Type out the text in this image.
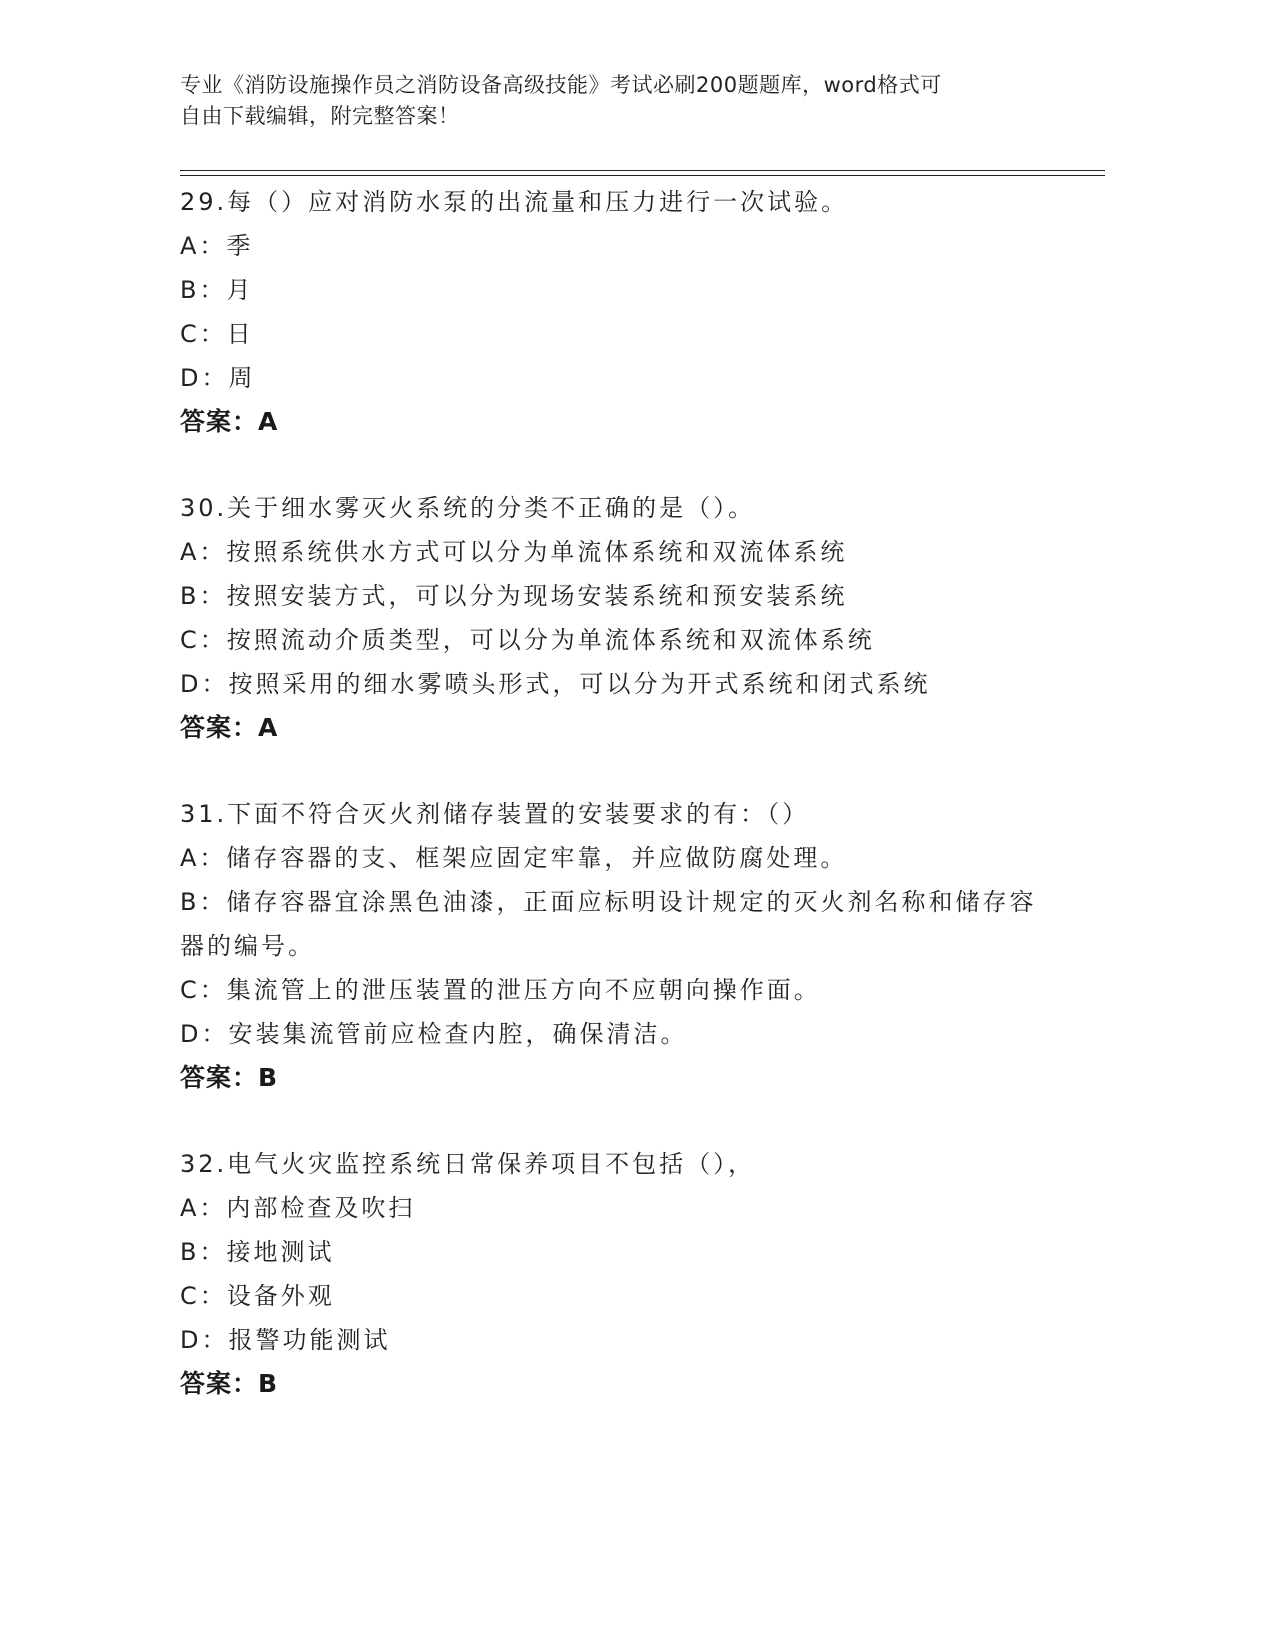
专业《消防设施操作员之消防设备高级技能》考试必刷200题题库，word格式可
自由下载编辑，附完整答案！
29.每（）应对消防水泵的出流量和压力进行一次试验。
A：季
B：月
C：日
D：周
答案：A
30.关于细水雾灭火系统的分类不正确的是（）。
A：按照系统供水方式可以分为单流体系统和双流体系统
B：按照安装方式，可以分为现场安装系统和预安装系统
C：按照流动介质类型，可以分为单流体系统和双流体系统
D：按照采用的细水雾喷头形式，可以分为开式系统和闭式系统
答案：A
31.下面不符合灭火剂储存装置的安装要求的有：（）
A：储存容器的支、框架应固定牢靠，并应做防腐处理。
B：储存容器宜涂黑色油漆，正面应标明设计规定的灭火剂名称和储存容器的编号。
C：集流管上的泄压装置的泄压方向不应朝向操作面。
D：安装集流管前应检查内腔，确保清洁。
答案：B
32.电气火灾监控系统日常保养项目不包括（），
A：内部检查及吹扫
B：接地测试
C：设备外观
D：报警功能测试
答案：B
